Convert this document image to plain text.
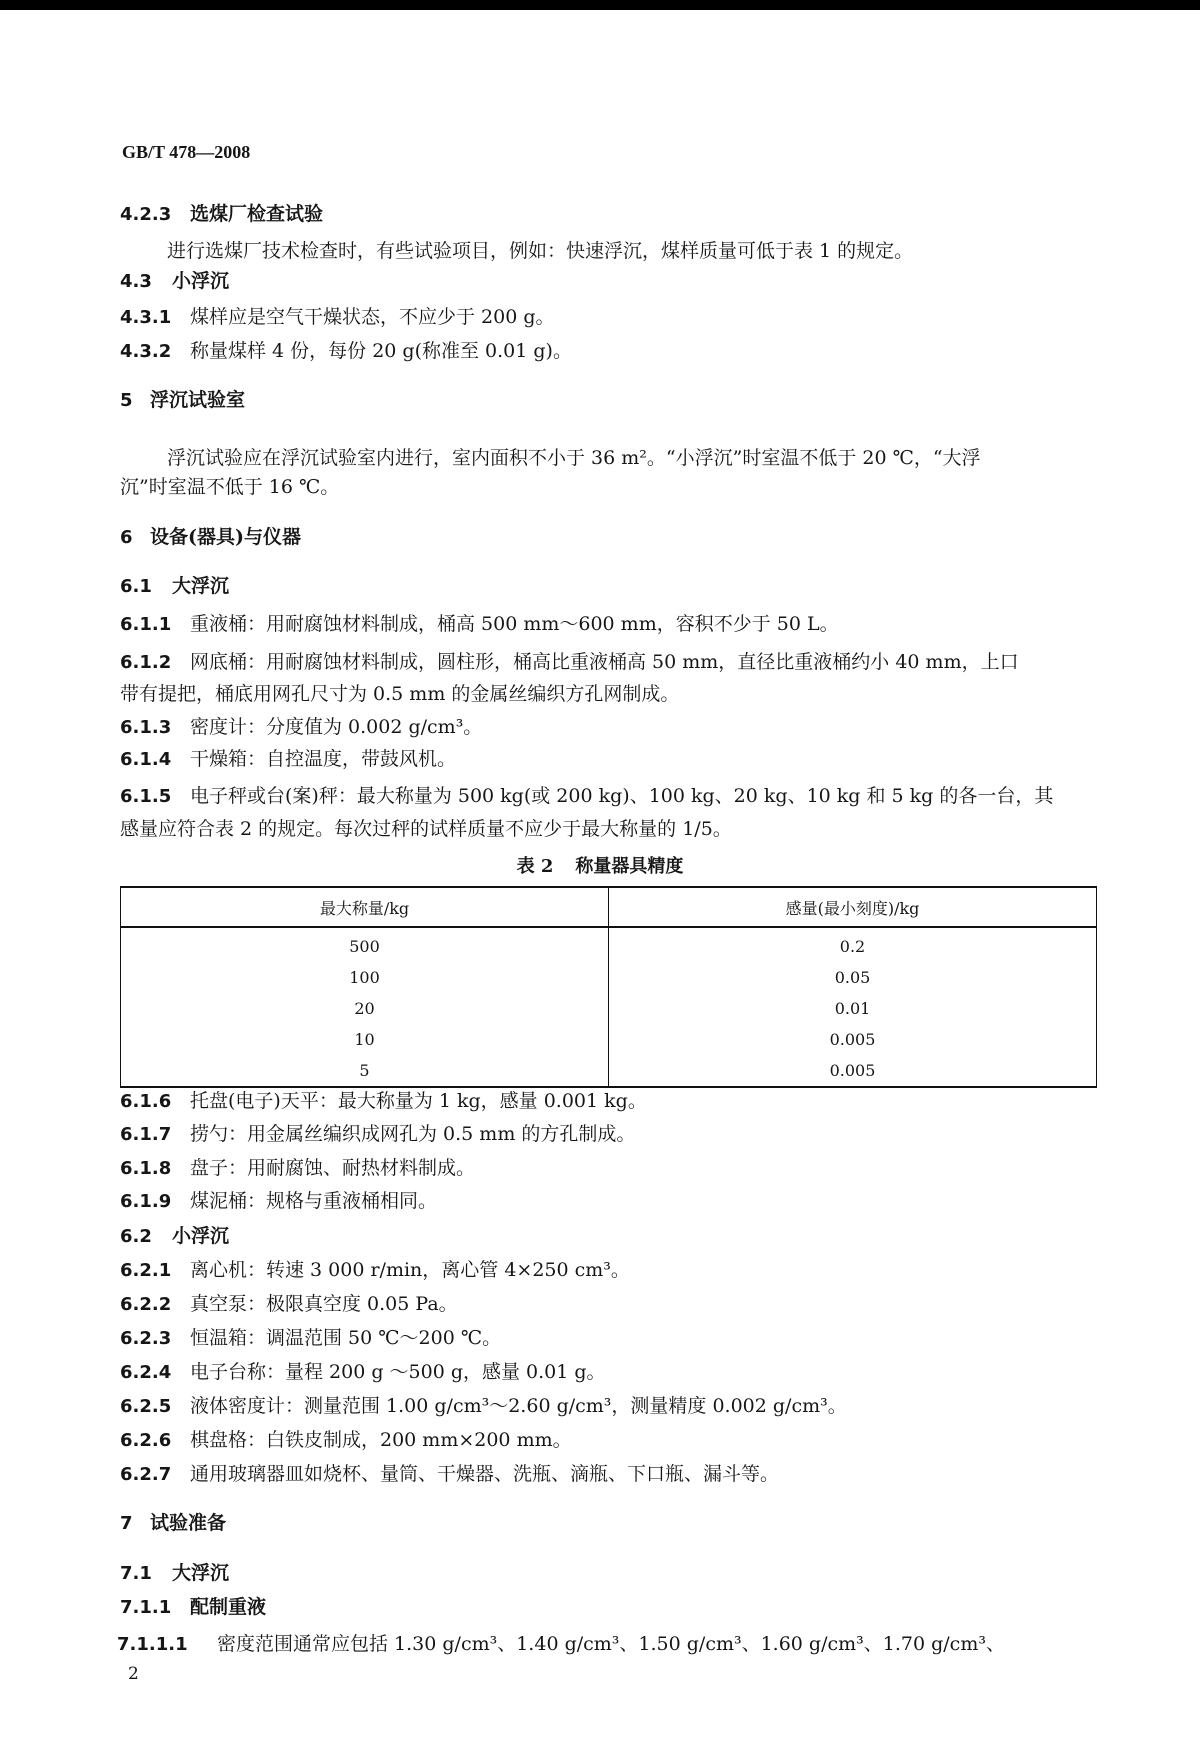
GB/T 478—2008
4.2.3 选煤厂检查试验
进行选煤厂技术检查时，有些试验项目，例如：快速浮沉，煤样质量可低于表 1 的规定。
4.3 小浮沉
4.3.1 煤样应是空气干燥状态，不应少于 200 g。
4.3.2 称量煤样 4 份，每份 20 g(称准至 0.01 g)。
5 浮沉试验室
浮沉试验应在浮沉试验室内进行，室内面积不小于 36 m²。“小浮沉”时室温不低于 20 ℃，“大浮
沉”时室温不低于 16 ℃。
6 设备(器具)与仪器
6.1 大浮沉
6.1.1 重液桶：用耐腐蚀材料制成，桶高 500 mm～600 mm，容积不少于 50 L。
6.1.2 网底桶：用耐腐蚀材料制成，圆柱形，桶高比重液桶高 50 mm，直径比重液桶约小 40 mm，上口
带有提把，桶底用网孔尺寸为 0.5 mm 的金属丝编织方孔网制成。
6.1.3 密度计：分度值为 0.002 g/cm³。
6.1.4 干燥箱：自控温度，带鼓风机。
6.1.5 电子秤或台(案)秤：最大称量为 500 kg(或 200 kg)、100 kg、20 kg、10 kg 和 5 kg 的各一台，其
感量应符合表 2 的规定。每次过秤的试样质量不应少于最大称量的 1/5。
表 2 称量器具精度
最大称量/kg	感量(最小刻度)/kg
500	0.2
100	0.05
20	0.01
10	0.005
5	0.005
6.1.6 托盘(电子)天平：最大称量为 1 kg，感量 0.001 kg。
6.1.7 捞勺：用金属丝编织成网孔为 0.5 mm 的方孔制成。
6.1.8 盘子：用耐腐蚀、耐热材料制成。
6.1.9 煤泥桶：规格与重液桶相同。
6.2 小浮沉
6.2.1 离心机：转速 3 000 r/min，离心管 4×250 cm³。
6.2.2 真空泵：极限真空度 0.05 Pa。
6.2.3 恒温箱：调温范围 50 ℃～200 ℃。
6.2.4 电子台称：量程 200 g ～500 g，感量 0.01 g。
6.2.5 液体密度计：测量范围 1.00 g/cm³～2.60 g/cm³，测量精度 0.002 g/cm³。
6.2.6 棋盘格：白铁皮制成，200 mm×200 mm。
6.2.7 通用玻璃器皿如烧杯、量筒、干燥器、洗瓶、滴瓶、下口瓶、漏斗等。
7 试验准备
7.1 大浮沉
7.1.1 配制重液
7.1.1.1 密度范围通常应包括 1.30 g/cm³、1.40 g/cm³、1.50 g/cm³、1.60 g/cm³、1.70 g/cm³、
2
